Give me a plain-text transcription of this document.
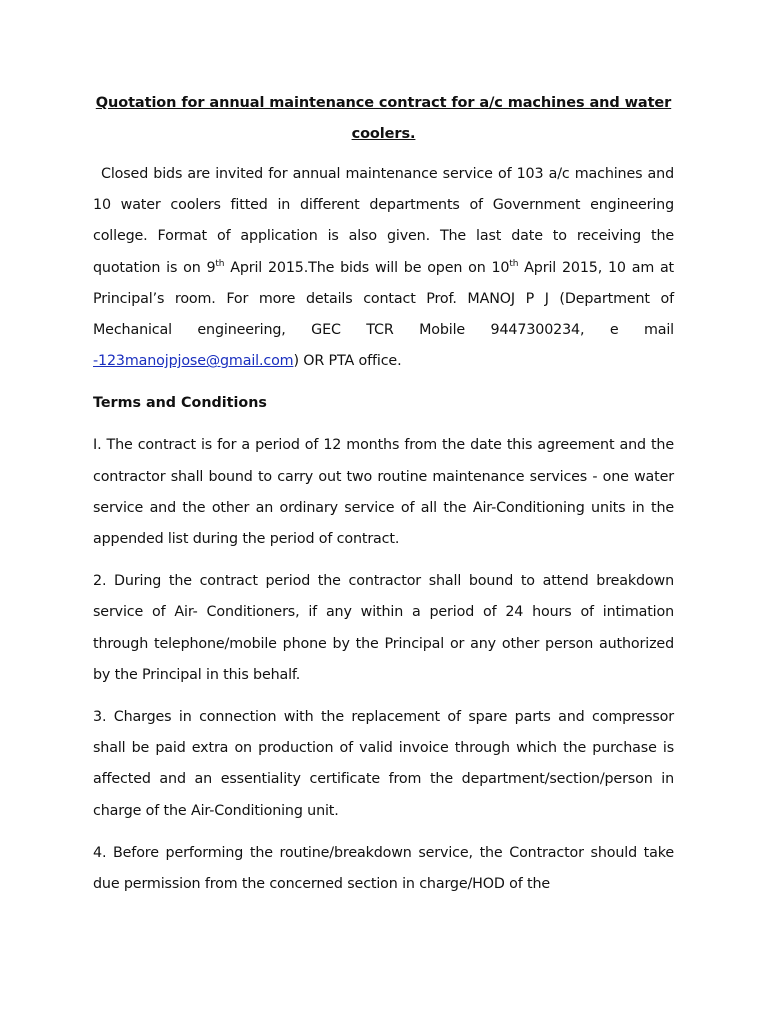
Quotation for annual maintenance contract for a/c machines and water
coolers.

Closed bids are invited for annual maintenance service of 103 a/c machines and 10 water coolers fitted in different departments of Government engineering college. Format of application is also given. The last date to receiving the quotation is on 9th April 2015.The bids will be open on 10th April 2015, 10 am at Principal’s room. For more details contact Prof. MANOJ P J (Department of Mechanical engineering, GEC TCR Mobile 9447300234, e mail -123manojpjose@gmail.com) OR PTA office.

Terms and Conditions

I. The contract is for a period of 12 months from the date this agreement and the contractor shall bound to carry out two routine maintenance services - one water service and the other an ordinary service of all the Air-Conditioning units in the appended list during the period of contract.

2. During the contract period the contractor shall bound to attend breakdown service of Air- Conditioners, if any within a period of 24 hours of intimation through telephone/mobile phone by the Principal or any other person authorized by the Principal in this behalf.

3. Charges in connection with the replacement of spare parts and compressor shall be paid extra on production of valid invoice through which the purchase is affected and an essentiality certificate from the department/section/person in charge of the Air-Conditioning unit.

4. Before performing the routine/breakdown service, the Contractor should take due permission from the concerned section in charge/HOD of the
